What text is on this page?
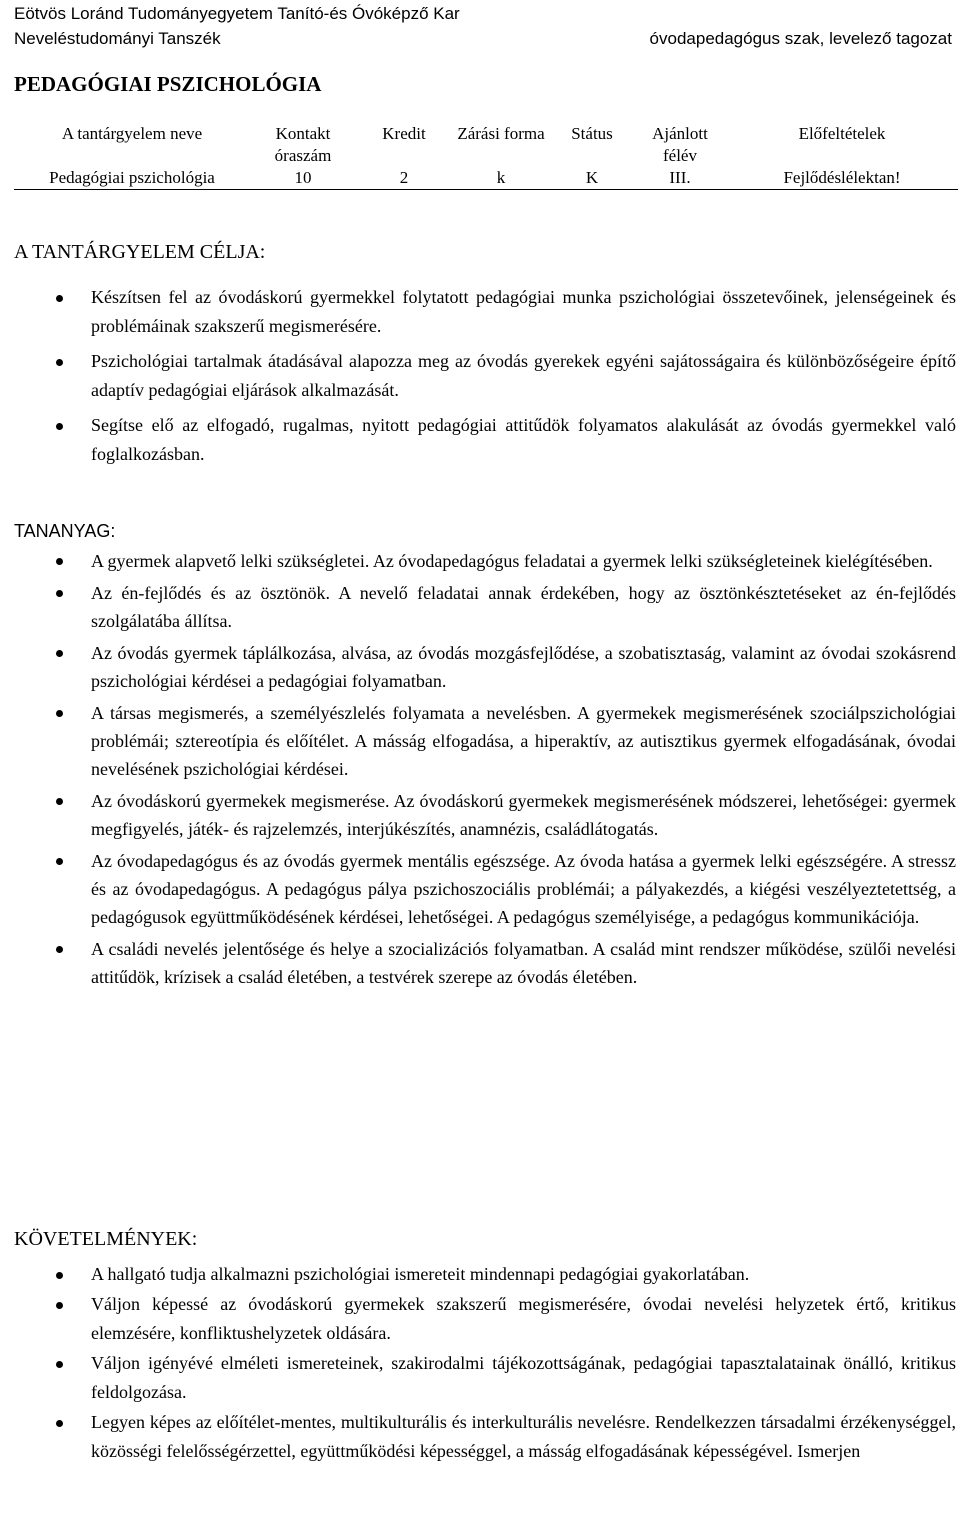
Eötvös Loránd Tudományegyetem Tanító-és Óvóképző Kar
Neveléstudományi Tanszék	óvodapedagógus szak, levelező tagozat
PEDAGÓGIAI PSZICHOLÓGIA
A tantárgyelem neve	Kontakt óraszám	Kredit	Zárási forma	Státus	Ajánlott félév	Előfeltételek
Pedagógiai pszichológia	10	2	k	K	III.	Fejlődéslélektan!
A TANTÁRGYELEM CÉLJA:
Készítsen fel az óvodáskorú gyermekkel folytatott pedagógiai munka pszichológiai összetevőinek, jelenségeinek és problémáinak szakszerű megismerésére.
Pszichológiai tartalmak átadásával alapozza meg az óvodás gyerekek egyéni sajátosságaira és különbözőségeire építő adaptív pedagógiai eljárások alkalmazását.
Segítse elő az elfogadó, rugalmas, nyitott pedagógiai attitűdök folyamatos alakulását az óvodás gyermekkel való foglalkozásban.
TANANYAG:
A gyermek alapvető lelki szükségletei. Az óvodapedagógus feladatai a gyermek lelki szükségleteinek kielégítésében.
Az én-fejlődés és az ösztönök. A nevelő feladatai annak érdekében, hogy az ösztönkésztetéseket az én-fejlődés szolgálatába állítsa.
Az óvodás gyermek táplálkozása, alvása, az óvodás mozgásfejlődése, a szobatisztaság, valamint az óvodai szokásrend pszichológiai kérdései a pedagógiai folyamatban.
A társas megismerés, a személyészlelés folyamata a nevelésben. A gyermekek megismerésének szociálpszichológiai problémái; sztereotípia és előítélet. A másság elfogadása, a hiperaktív, az autisztikus gyermek elfogadásának, óvodai nevelésének pszichológiai kérdései.
Az óvodáskorú gyermekek megismerése. Az óvodáskorú gyermekek megismerésének módszerei, lehetőségei: gyermek megfigyelés, játék- és rajzelemzés, interjúkészítés, anamnézis, családlátogatás.
Az óvodapedagógus és az óvodás gyermek mentális egészsége. Az óvoda hatása a gyermek lelki egészségére. A stressz és az óvodapedagógus. A pedagógus pálya pszichoszociális problémái; a pályakezdés, a kiégési veszélyeztetettség, a pedagógusok együttműködésének kérdései, lehetőségei. A pedagógus személyisége, a pedagógus kommunikációja.
A családi nevelés jelentősége és helye a szocializációs folyamatban. A család mint rendszer működése, szülői nevelési attitűdök, krízisek a család életében, a testvérek szerepe az óvodás életében.
KÖVETELMÉNYEK:
A hallgató tudja alkalmazni pszichológiai ismereteit mindennapi pedagógiai gyakorlatában.
Váljon képessé az óvodáskorú gyermekek szakszerű megismerésére, óvodai nevelési helyzetek értő, kritikus elemzésére, konfliktushelyzetek oldására.
Váljon igényévé elméleti ismereteinek, szakirodalmi tájékozottságának, pedagógiai tapasztalatainak önálló, kritikus feldolgozása.
Legyen képes az előítélet-mentes, multikulturális és interkulturális nevelésre. Rendelkezzen társadalmi érzékenységgel, közösségi felelősségérzettel, együttműködési képességgel, a másság elfogadásának képességével. Ismerjen
